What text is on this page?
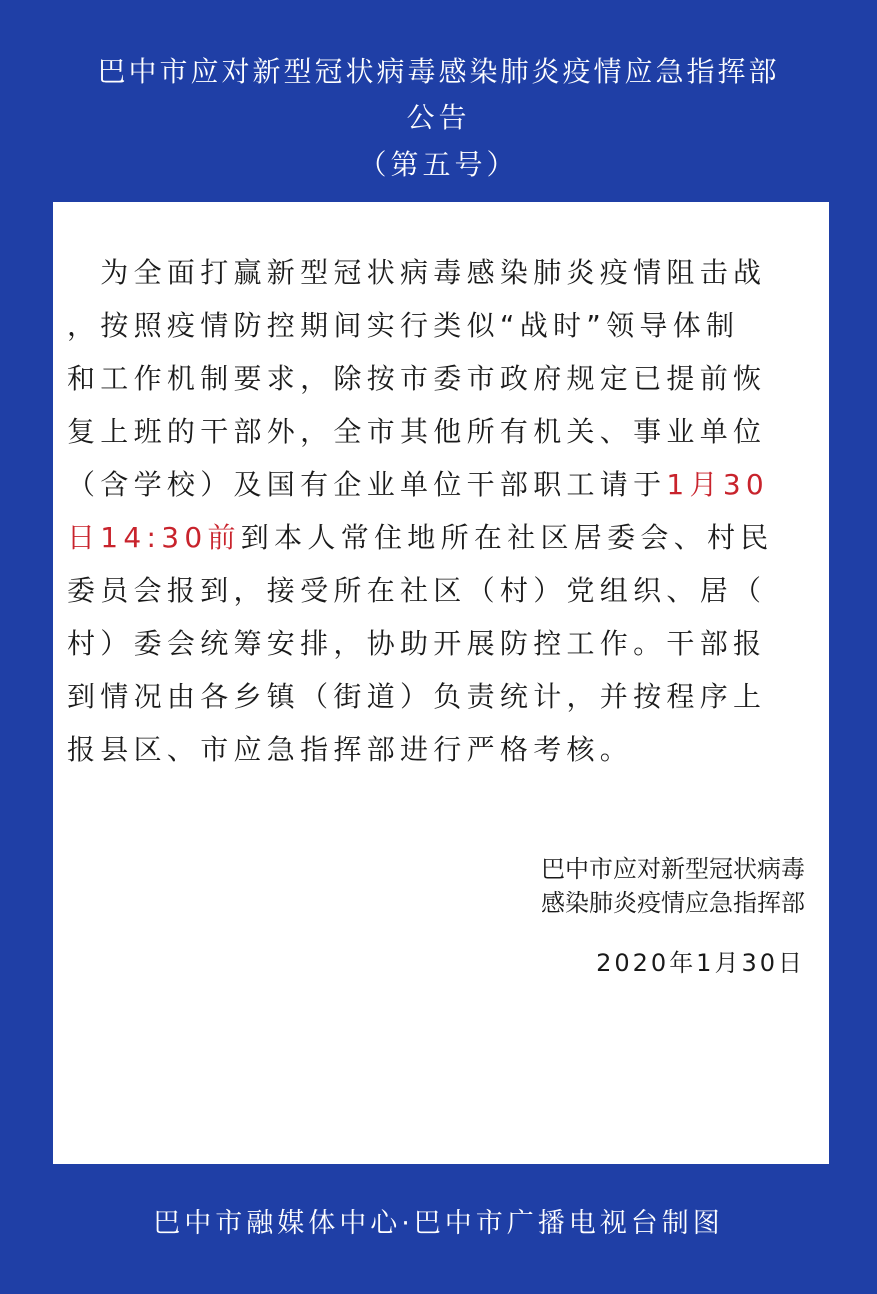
巴中市应对新型冠状病毒感染肺炎疫情应急指挥部
公告
（第五号）
　为全面打赢新型冠状病毒感染肺炎疫情阻击战
，按照疫情防控期间实行类似“战时”领导体制
和工作机制要求，除按市委市政府规定已提前恢
复上班的干部外，全市其他所有机关、事业单位
（含学校）及国有企业单位干部职工请于1月30
日14:30前到本人常住地所在社区居委会、村民
委员会报到，接受所在社区（村）党组织、居（
村）委会统筹安排，协助开展防控工作。干部报
到情况由各乡镇（街道）负责统计，并按程序上
报县区、市应急指挥部进行严格考核。
巴中市应对新型冠状病毒
感染肺炎疫情应急指挥部
2020年1月30日
巴中市融媒体中心·巴中市广播电视台制图
